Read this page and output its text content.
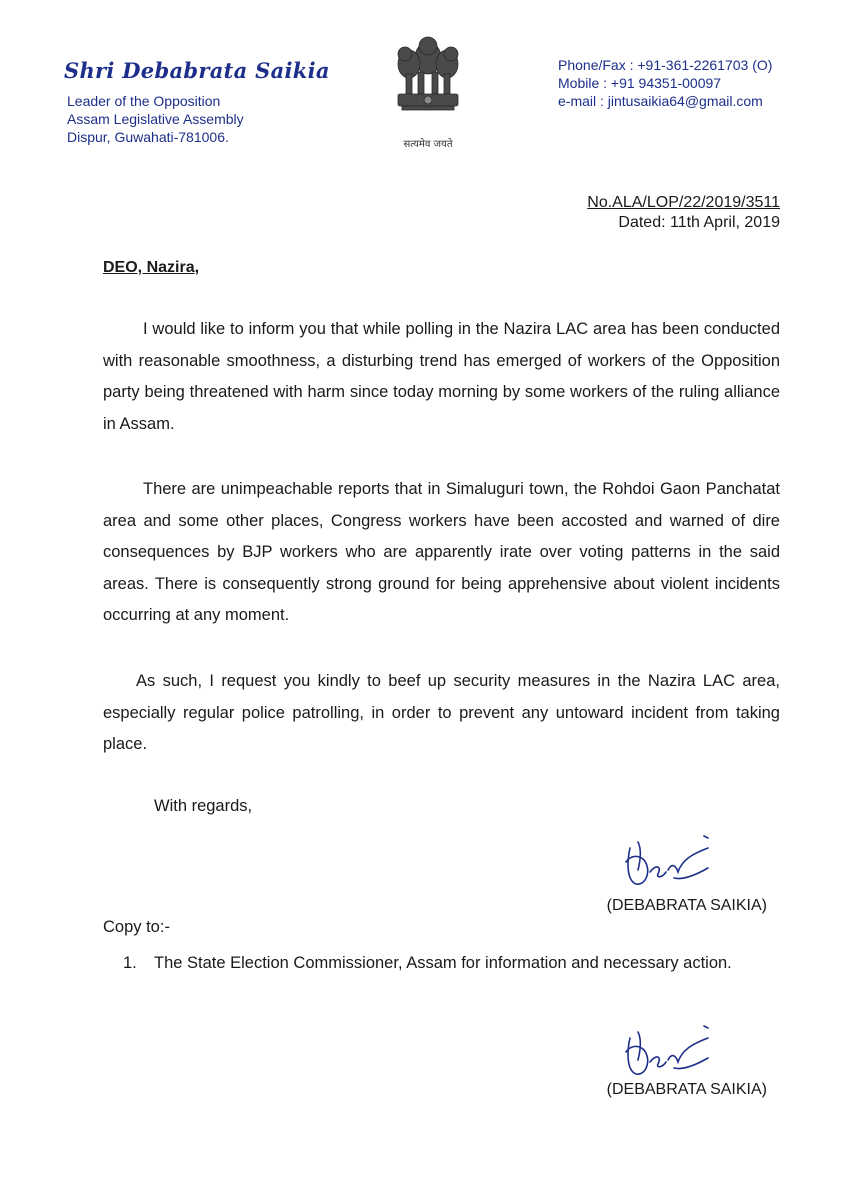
Shri Debabrata Saikia
Leader of the Opposition
Assam Legislative Assembly
Dispur, Guwahati-781006.	सत्यमेव जयते
Phone/Fax : +91-361-2261703 (O)
Mobile : +91 94351-00097
e-mail : jintusaikia64@gmail.com
No.ALA/LOP/22/2019/3511
Dated: 11th April, 2019
DEO, Nazira,

I would like to inform you that while polling in the Nazira LAC area has been conducted with reasonable smoothness, a disturbing trend has emerged of workers of the Opposition party being threatened with harm since today morning by some workers of the ruling alliance in Assam.

There are unimpeachable reports that in Simaluguri town, the Rohdoi Gaon Panchatat area and some other places, Congress workers have been accosted and warned of dire consequences by BJP workers who are apparently irate over voting patterns in the said areas. There is consequently strong ground for being apprehensive about violent incidents occurring at any moment.

As such, I request you kindly to beef up security measures in the Nazira LAC area, especially regular police patrolling, in order to prevent any untoward incident from taking place.

With regards,
(DEBABRATA SAIKIA)
Copy to:-
1. The State Election Commissioner, Assam for information and necessary action.
(DEBABRATA SAIKIA)
